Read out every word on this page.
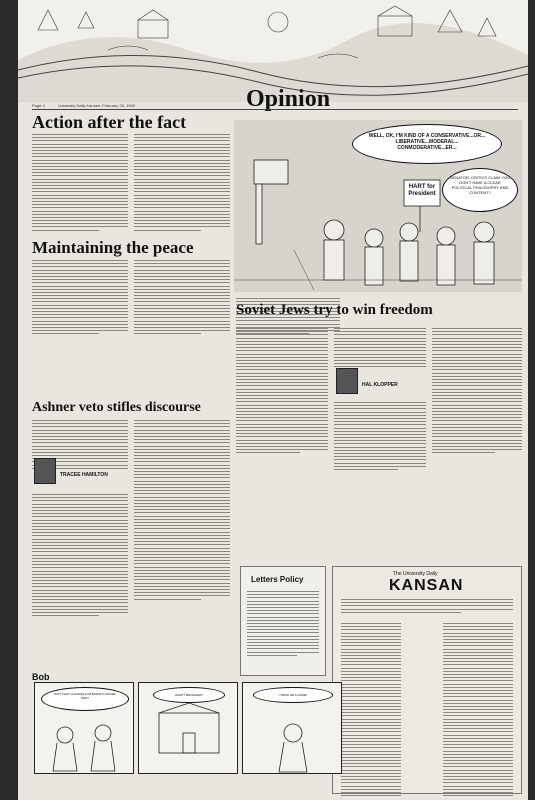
Opinion
Page 4	University Daily Kansan, February 28, 1983
Action after the fact
WELL, OK, I'M KIND OF A CONSERVATIVE...OR... LIBERATIVE...MODERAL... CONMODERATIVE...ER...
HART for President
SENATOR, CRITICS CLAIM YOU DON'T HAVE A CLEAR POLITICAL PHILOSOPHY AND CONTENT?
Maintaining the peace
Soviet Jews try to win freedom
HAL KLOPPER
Ashner veto stifles discourse
TRACEE HAMILTON
Letters Policy
The University Daily
KANSAN
Bob
ISN'T THAT CHANCELLOR BUDIG'S HOUSE, KEN?
WHAT? BRODGER?	I THINK HE'S HOME.
